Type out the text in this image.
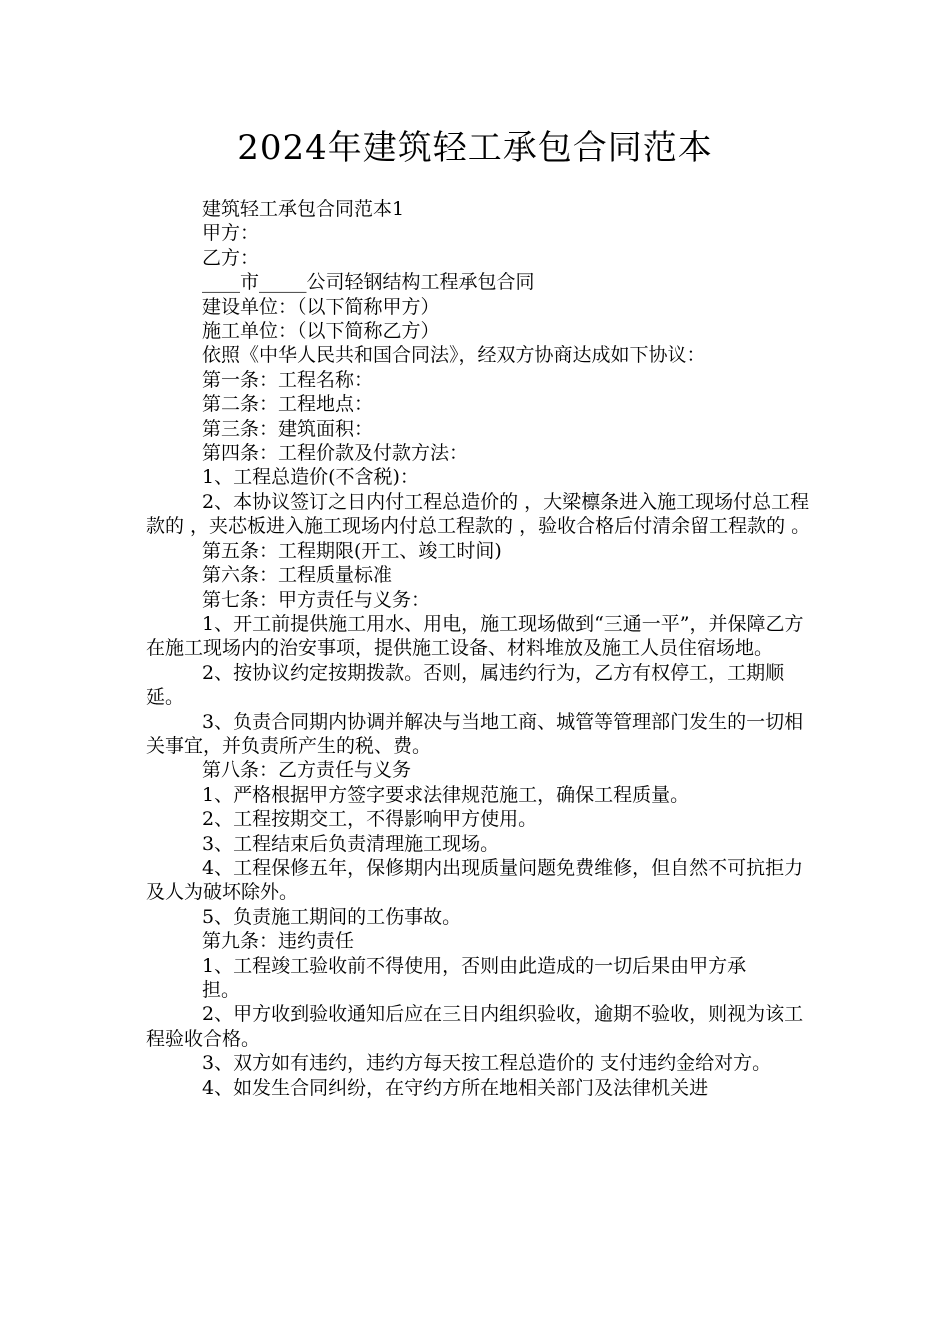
2024年建筑轻工承包合同范本

建筑轻工承包合同范本1

甲方：

乙方：

____市_____公司轻钢结构工程承包合同

建设单位：（以下简称甲方）

施工单位：（以下简称乙方）

依照《中华人民共和国合同法》，经双方协商达成如下协议：

第一条：工程名称：

第二条：工程地点：

第三条：建筑面积：

第四条：工程价款及付款方法：

1、工程总造价(不含税)：

2、本协议签订之日内付工程总造价的 ，大梁檩条进入施工现场付总工程款的 ，夹芯板进入施工现场内付总工程款的 ，验收合格后付清余留工程款的 。

第五条：工程期限(开工、竣工时间)

第六条：工程质量标准

第七条：甲方责任与义务：

1、开工前提供施工用水、用电，施工现场做到“三通一平”，并保障乙方在施工现场内的治安事项，提供施工设备、材料堆放及施工人员住宿场地。

2、按协议约定按期拨款。否则，属违约行为，乙方有权停工，工期顺延。

3、负责合同期内协调并解决与当地工商、城管等管理部门发生的一切相关事宜，并负责所产生的税、费。

第八条：乙方责任与义务

1、严格根据甲方签字要求法律规范施工，确保工程质量。

2、工程按期交工，不得影响甲方使用。

3、工程结束后负责清理施工现场。

4、工程保修五年，保修期内出现质量问题免费维修，但自然不可抗拒力及人为破坏除外。

5、负责施工期间的工伤事故。

第九条：违约责任

1、工程竣工验收前不得使用，否则由此造成的一切后果由甲方承

担。

2、甲方收到验收通知后应在三日内组织验收，逾期不验收，则视为该工程验收合格。

3、双方如有违约，违约方每天按工程总造价的 支付违约金给对方。

4、如发生合同纠纷，在守约方所在地相关部门及法律机关进
